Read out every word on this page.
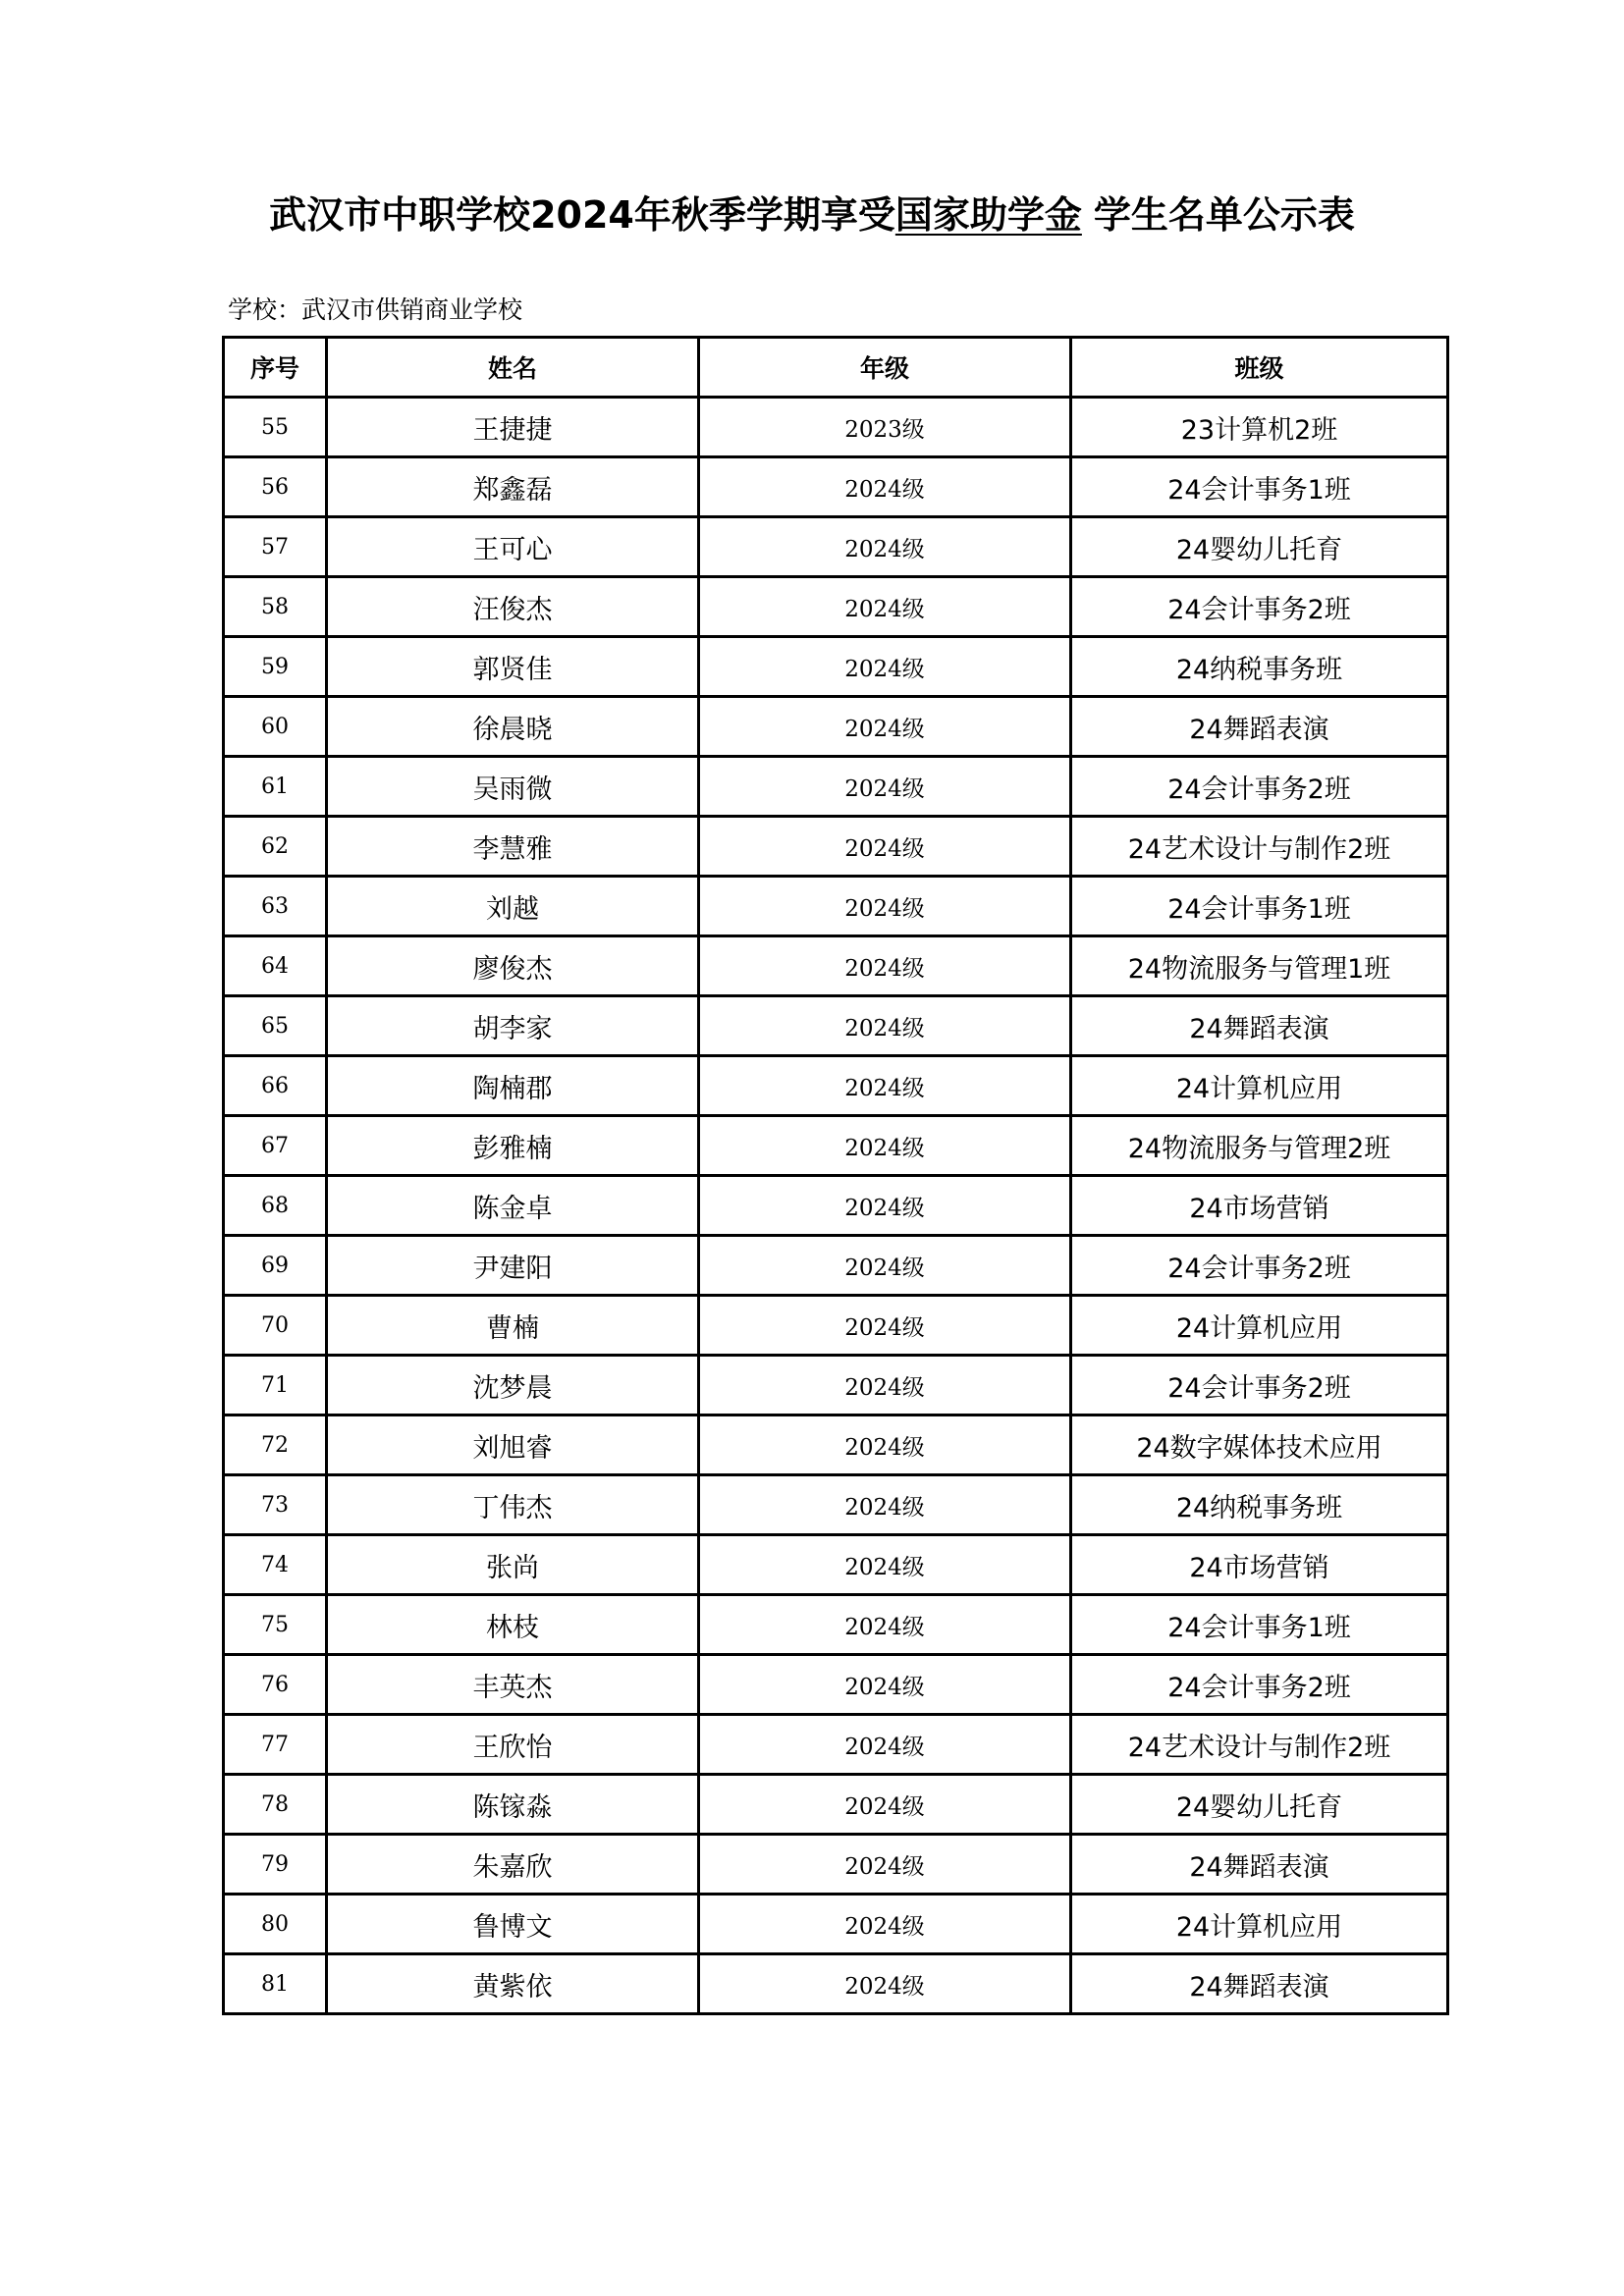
武汉市中职学校2024年秋季学期享受国家助学金 学生名单公示表
学校：武汉市供销商业学校
序号	姓名	年级	班级
55	王捷捷	2023级	23计算机2班
56	郑鑫磊	2024级	24会计事务1班
57	王可心	2024级	24婴幼儿托育
58	汪俊杰	2024级	24会计事务2班
59	郭贤佳	2024级	24纳税事务班
60	徐晨晓	2024级	24舞蹈表演
61	吴雨微	2024级	24会计事务2班
62	李慧雅	2024级	24艺术设计与制作2班
63	刘越	2024级	24会计事务1班
64	廖俊杰	2024级	24物流服务与管理1班
65	胡李家	2024级	24舞蹈表演
66	陶楠郡	2024级	24计算机应用
67	彭雅楠	2024级	24物流服务与管理2班
68	陈金卓	2024级	24市场营销
69	尹建阳	2024级	24会计事务2班
70	曹楠	2024级	24计算机应用
71	沈梦晨	2024级	24会计事务2班
72	刘旭睿	2024级	24数字媒体技术应用
73	丁伟杰	2024级	24纳税事务班
74	张尚	2024级	24市场营销
75	林枝	2024级	24会计事务1班
76	丰英杰	2024级	24会计事务2班
77	王欣怡	2024级	24艺术设计与制作2班
78	陈镓淼	2024级	24婴幼儿托育
79	朱嘉欣	2024级	24舞蹈表演
80	鲁博文	2024级	24计算机应用
81	黄紫依	2024级	24舞蹈表演
